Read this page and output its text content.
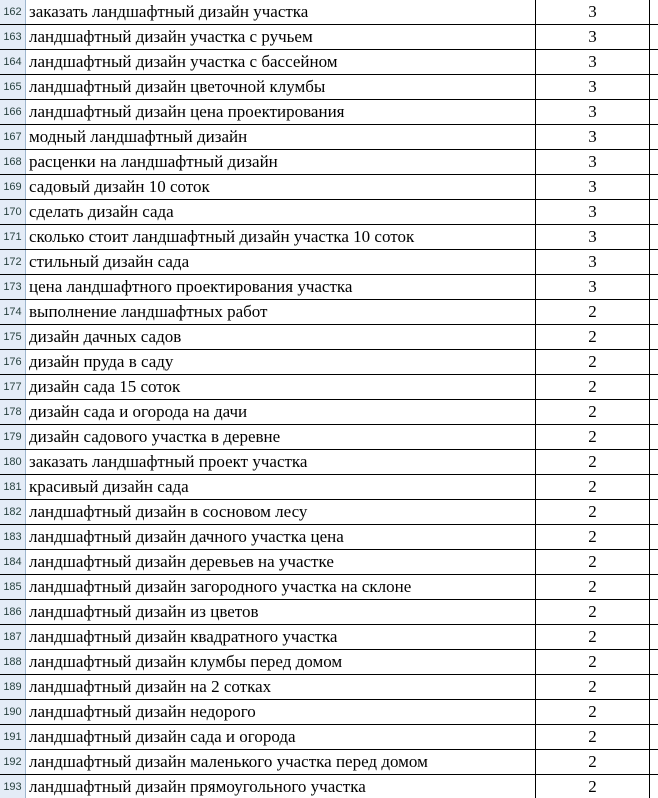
162 заказать ландшафтный дизайн участка	3
163 ландшафтный дизайн участка с ручьем	3
164 ландшафтный дизайн участка с бассейном	3
165 ландшафтный дизайн цветочной клумбы	3
166 ландшафтный дизайн цена проектирования	3
167 модный ландшафтный дизайн	3
168 расценки на ландшафтный дизайн	3
169 садовый дизайн 10 соток	3
170 сделать дизайн сада	3
171 сколько стоит ландшафтный дизайн участка 10 соток	3
172 стильный дизайн сада	3
173 цена ландшафтного проектирования участка	3
174 выполнение ландшафтных работ	2
175 дизайн дачных садов	2
176 дизайн пруда в саду	2
177 дизайн сада 15 соток	2
178 дизайн сада и огорода на дачи	2
179 дизайн садового участка в деревне	2
180 заказать ландшафтный проект участка	2
181 красивый дизайн сада	2
182 ландшафтный дизайн в сосновом лесу	2
183 ландшафтный дизайн дачного участка цена	2
184 ландшафтный дизайн деревьев на участке	2
185 ландшафтный дизайн загородного участка на склоне	2
186 ландшафтный дизайн из цветов	2
187 ландшафтный дизайн квадратного участка	2
188 ландшафтный дизайн клумбы перед домом	2
189 ландшафтный дизайн на 2 сотках	2
190 ландшафтный дизайн недорого	2
191 ландшафтный дизайн сада и огорода	2
192 ландшафтный дизайн маленького участка перед домом	2
193 ландшафтный дизайн прямоугольного участка	2
